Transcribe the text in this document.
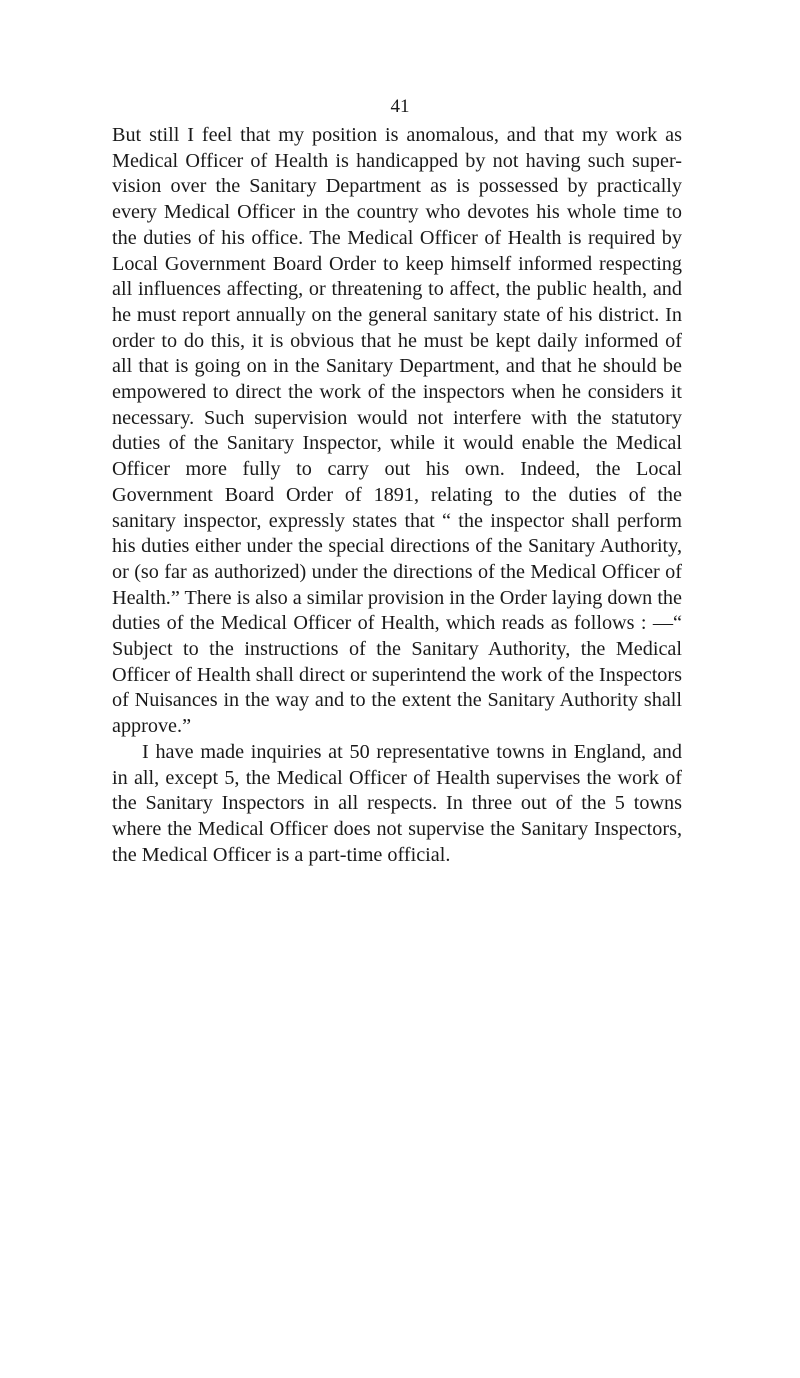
41

But still I feel that my position is anomalous, and that my work as Medical Officer of Health is handicapped by not having such super- vision over the Sanitary Department as is possessed by practically every Medical Officer in the country who devotes his whole time to the duties of his office. The Medical Officer of Health is required by Local Government Board Order to keep himself informed respecting all influences affecting, or threatening to affect, the public health, and he must report annually on the general sanitary state of his district. In order to do this, it is obvious that he must be kept daily informed of all that is going on in the Sanitary Department, and that he should be empowered to direct the work of the inspectors when he considers it necessary. Such supervision would not interfere with the statutory duties of the Sanitary Inspector, while it would enable the Medical Officer more fully to carry out his own. Indeed, the Local Government Board Order of 1891, relating to the duties of the sanitary inspector, expressly states that “ the inspector shall perform his duties either under the special directions of the Sanitary Authority, or (so far as authorized) under the directions of the Medical Officer of Health.” There is also a similar provision in the Order laying down the duties of the Medical Officer of Health, which reads as follows : —“ Subject to the instructions of the Sanitary Authority, the Medical Officer of Health shall direct or superintend the work of the Inspectors of Nuisances in the way and to the extent the Sanitary Authority shall approve.”

I have made inquiries at 50 representative towns in England, and in all, except 5, the Medical Officer of Health supervises the work of the Sanitary Inspectors in all respects. In three out of the 5 towns where the Medical Officer does not supervise the Sanitary Inspectors, the Medical Officer is a part-time official.
